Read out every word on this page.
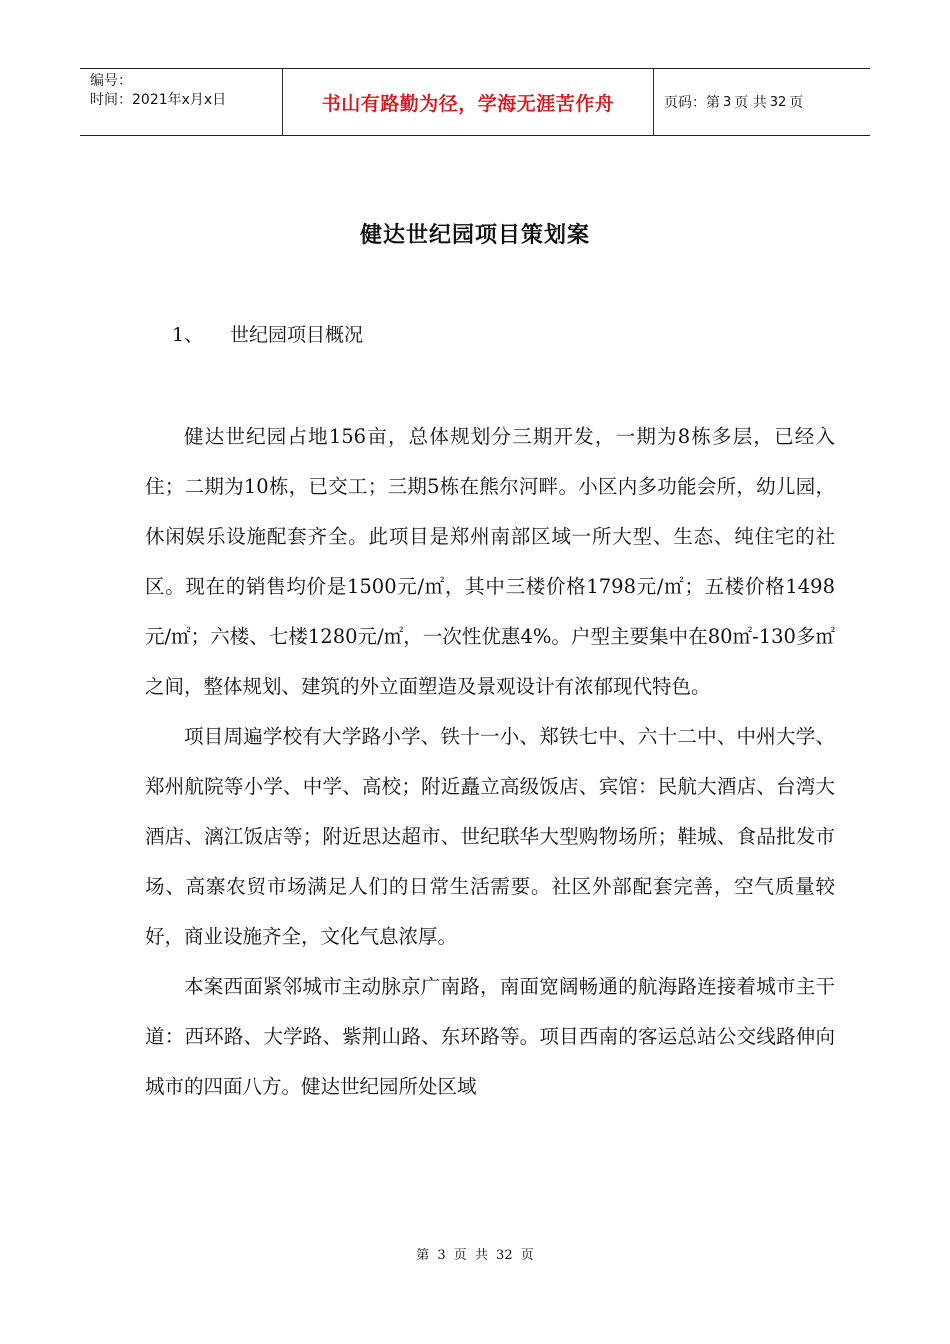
编号：
时间：2021年x月x日	书山有路勤为径，学海无涯苦作舟	页码：第 3 页 共 32 页
健达世纪园项目策划案
1、 世纪园项目概况

健达世纪园占地156亩，总体规划分三期开发，一期为8栋多层，已经入住；二期为10栋，已交工；三期5栋在熊尔河畔。小区内多功能会所，幼儿园，休闲娱乐设施配套齐全。此项目是郑州南部区域一所大型、生态、纯住宅的社区。现在的销售均价是1500元/㎡，其中三楼价格1798元/㎡；五楼价格1498元/㎡；六楼、七楼1280元/㎡，一次性优惠4%。户型主要集中在80㎡-130多㎡之间，整体规划、建筑的外立面塑造及景观设计有浓郁现代特色。

项目周遍学校有大学路小学、铁十一小、郑铁七中、六十二中、中州大学、郑州航院等小学、中学、高校；附近矗立高级饭店、宾馆：民航大酒店、台湾大酒店、漓江饭店等；附近思达超市、世纪联华大型购物场所；鞋城、食品批发市场、高寨农贸市场满足人们的日常生活需要。社区外部配套完善，空气质量较好，商业设施齐全，文化气息浓厚。

本案西面紧邻城市主动脉京广南路，南面宽阔畅通的航海路连接着城市主干道：西环路、大学路、紫荆山路、东环路等。项目西南的客运总站公交线路伸向城市的四面八方。健达世纪园所处区域

第 3 页 共 32 页
